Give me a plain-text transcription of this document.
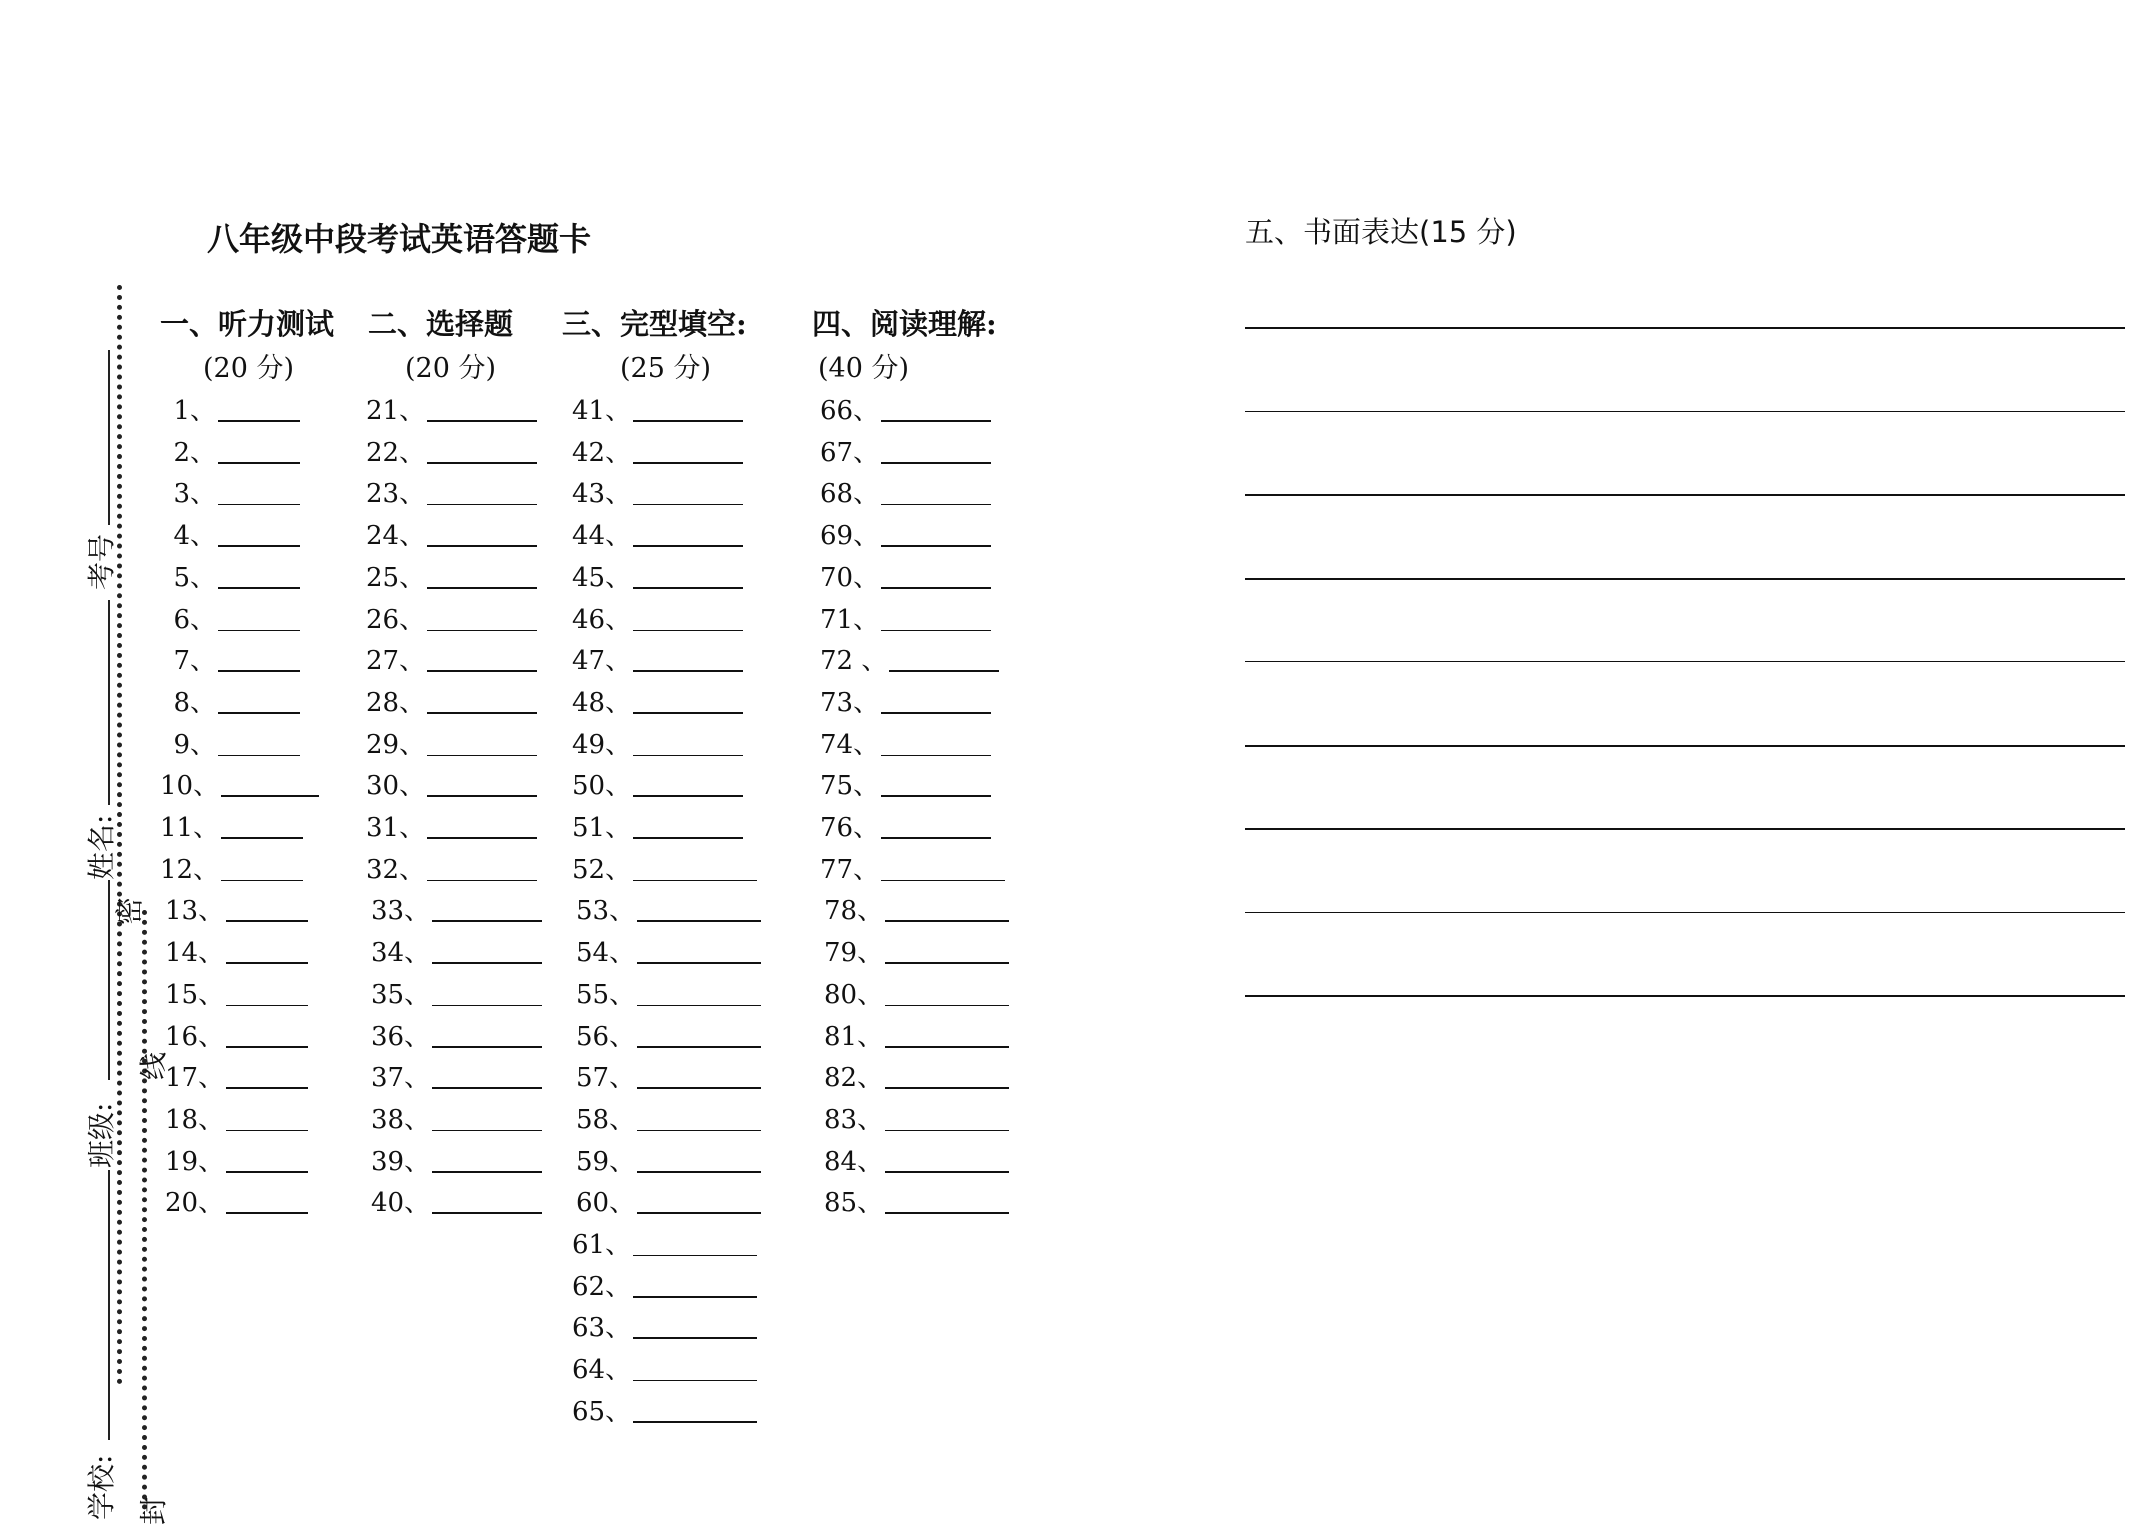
八年级中段考试英语答题卡
一、听力测试
(20 分)
二、选择题
(20 分)
三、完型填空:
(25 分)
四、阅读理解:
(40 分)
1、
2、
3、
4、
5、
6、
7、
8、
9、
10、
11、
12、
13、
14、
15、
16、
17、
18、
19、
20、
21、
22、
23、
24、
25、
26、
27、
28、
29、
30、
31、
32、
33、
34、
35、
36、
37、
38、
39、
40、
41、
42、
43、
44、
45、
46、
47、
48、
49、
50、
51、
52、
53、
54、
55、
56、
57、
58、
59、
60、
61、
62、
63、
64、
65、
66、
67、
68、
69、
70、
71、
72 、
73、
74、
75、
76、
77、
78、
79、
80、
81、
82、
83、
84、
85、
五、书面表达(15 分)
考号
姓名:
班级:
学校:
密
线
封
